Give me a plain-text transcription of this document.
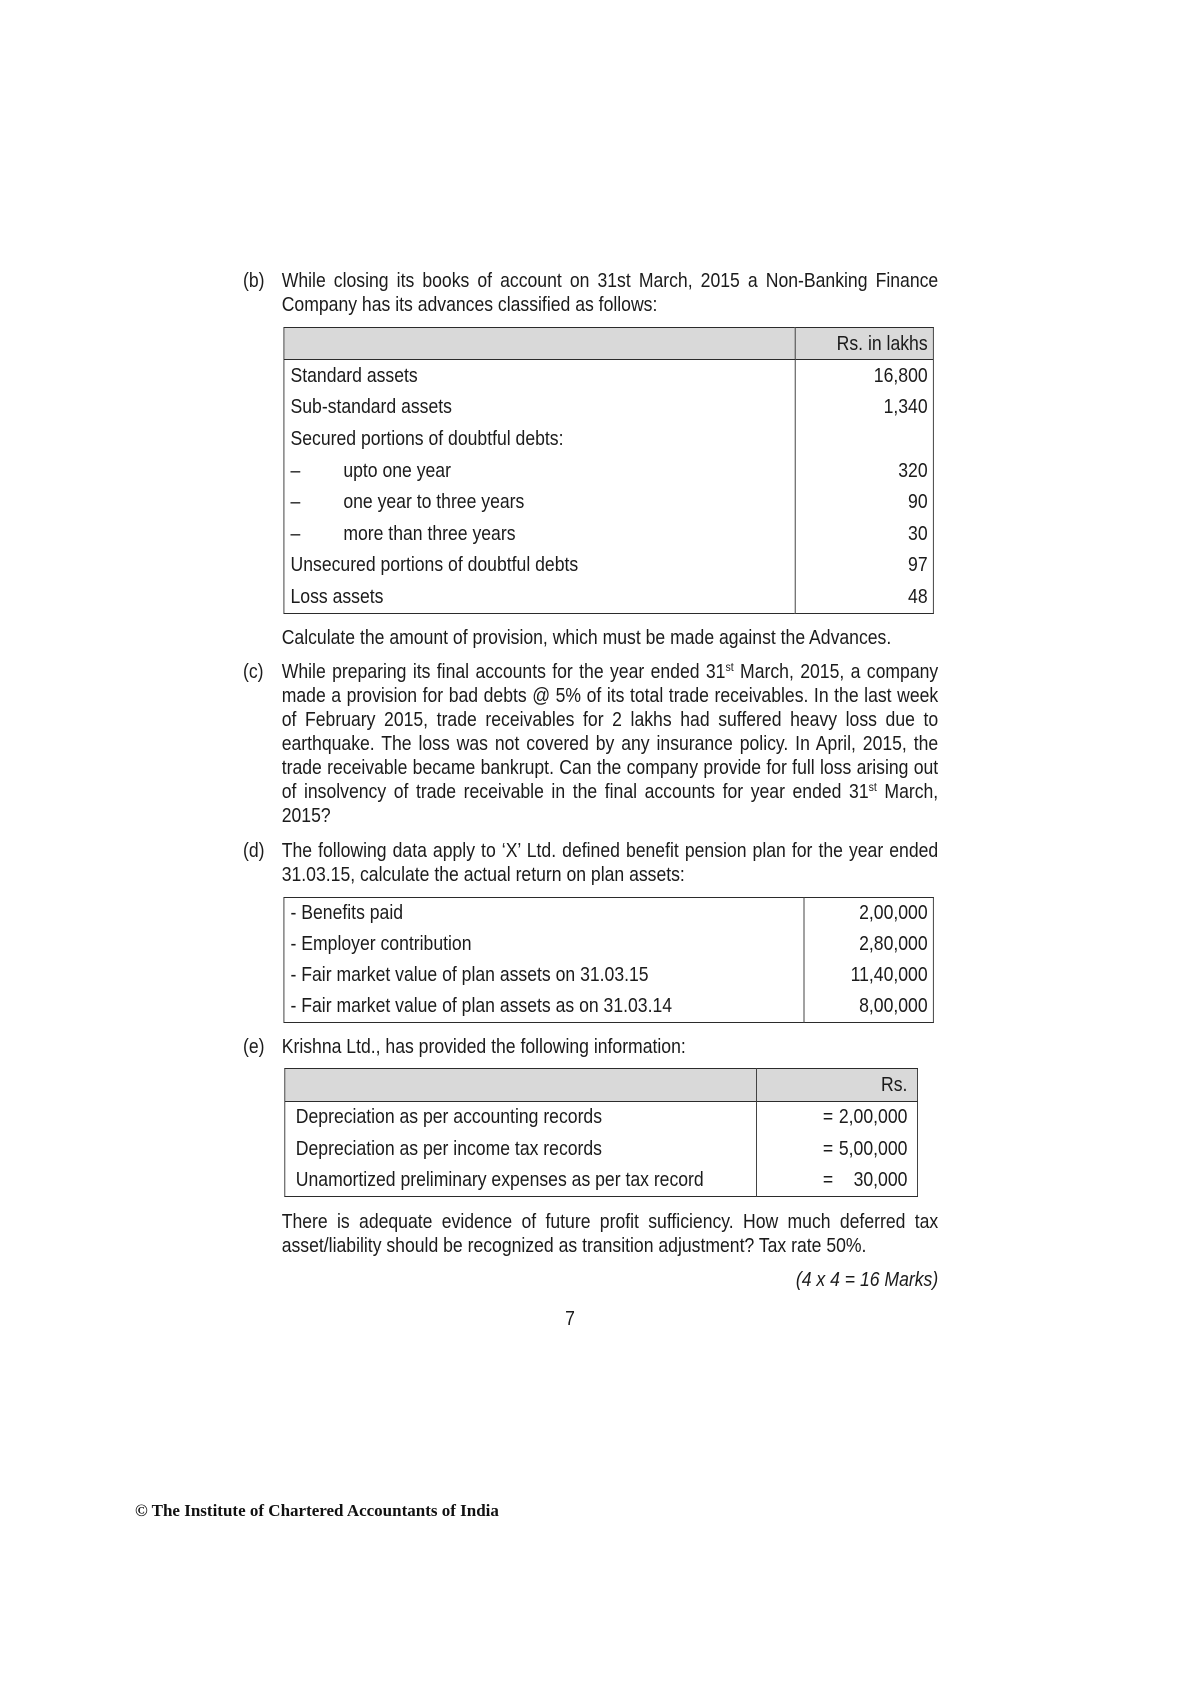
(b) While closing its books of account on 31st March, 2015 a Non-Banking Finance Company has its advances classified as follows:

	Rs. in lakhs
Standard assets	16,800
Sub-standard assets	1,340
Secured portions of doubtful debts:	
– upto one year	320
– one year to three years	90
– more than three years	30
Unsecured portions of doubtful debts	97
Loss assets	48

Calculate the amount of provision, which must be made against the Advances.

(c) While preparing its final accounts for the year ended 31st March, 2015, a company made a provision for bad debts @ 5% of its total trade receivables. In the last week of February 2015, trade receivables for 2 lakhs had suffered heavy loss due to earthquake. The loss was not covered by any insurance policy. In April, 2015, the trade receivable became bankrupt. Can the company provide for full loss arising out of insolvency of trade receivable in the final accounts for year ended 31st March, 2015?

(d) The following data apply to ‘X’ Ltd. defined benefit pension plan for the year ended 31.03.15, calculate the actual return on plan assets:

- Benefits paid	2,00,000
- Employer contribution	2,80,000
- Fair market value of plan assets on 31.03.15	11,40,000
- Fair market value of plan assets as on 31.03.14	8,00,000
(e) Krishna Ltd., has provided the following information:

	Rs.
Depreciation as per accounting records	= 2,00,000

Depreciation as per income tax records	= 5,00,000

Unamortized preliminary expenses as per tax record	= 30,000

There is adequate evidence of future profit sufficiency. How much deferred tax asset/liability should be recognized as transition adjustment? Tax rate 50%.

(4 x 4 = 16 Marks)
7
© The Institute of Chartered Accountants of India
